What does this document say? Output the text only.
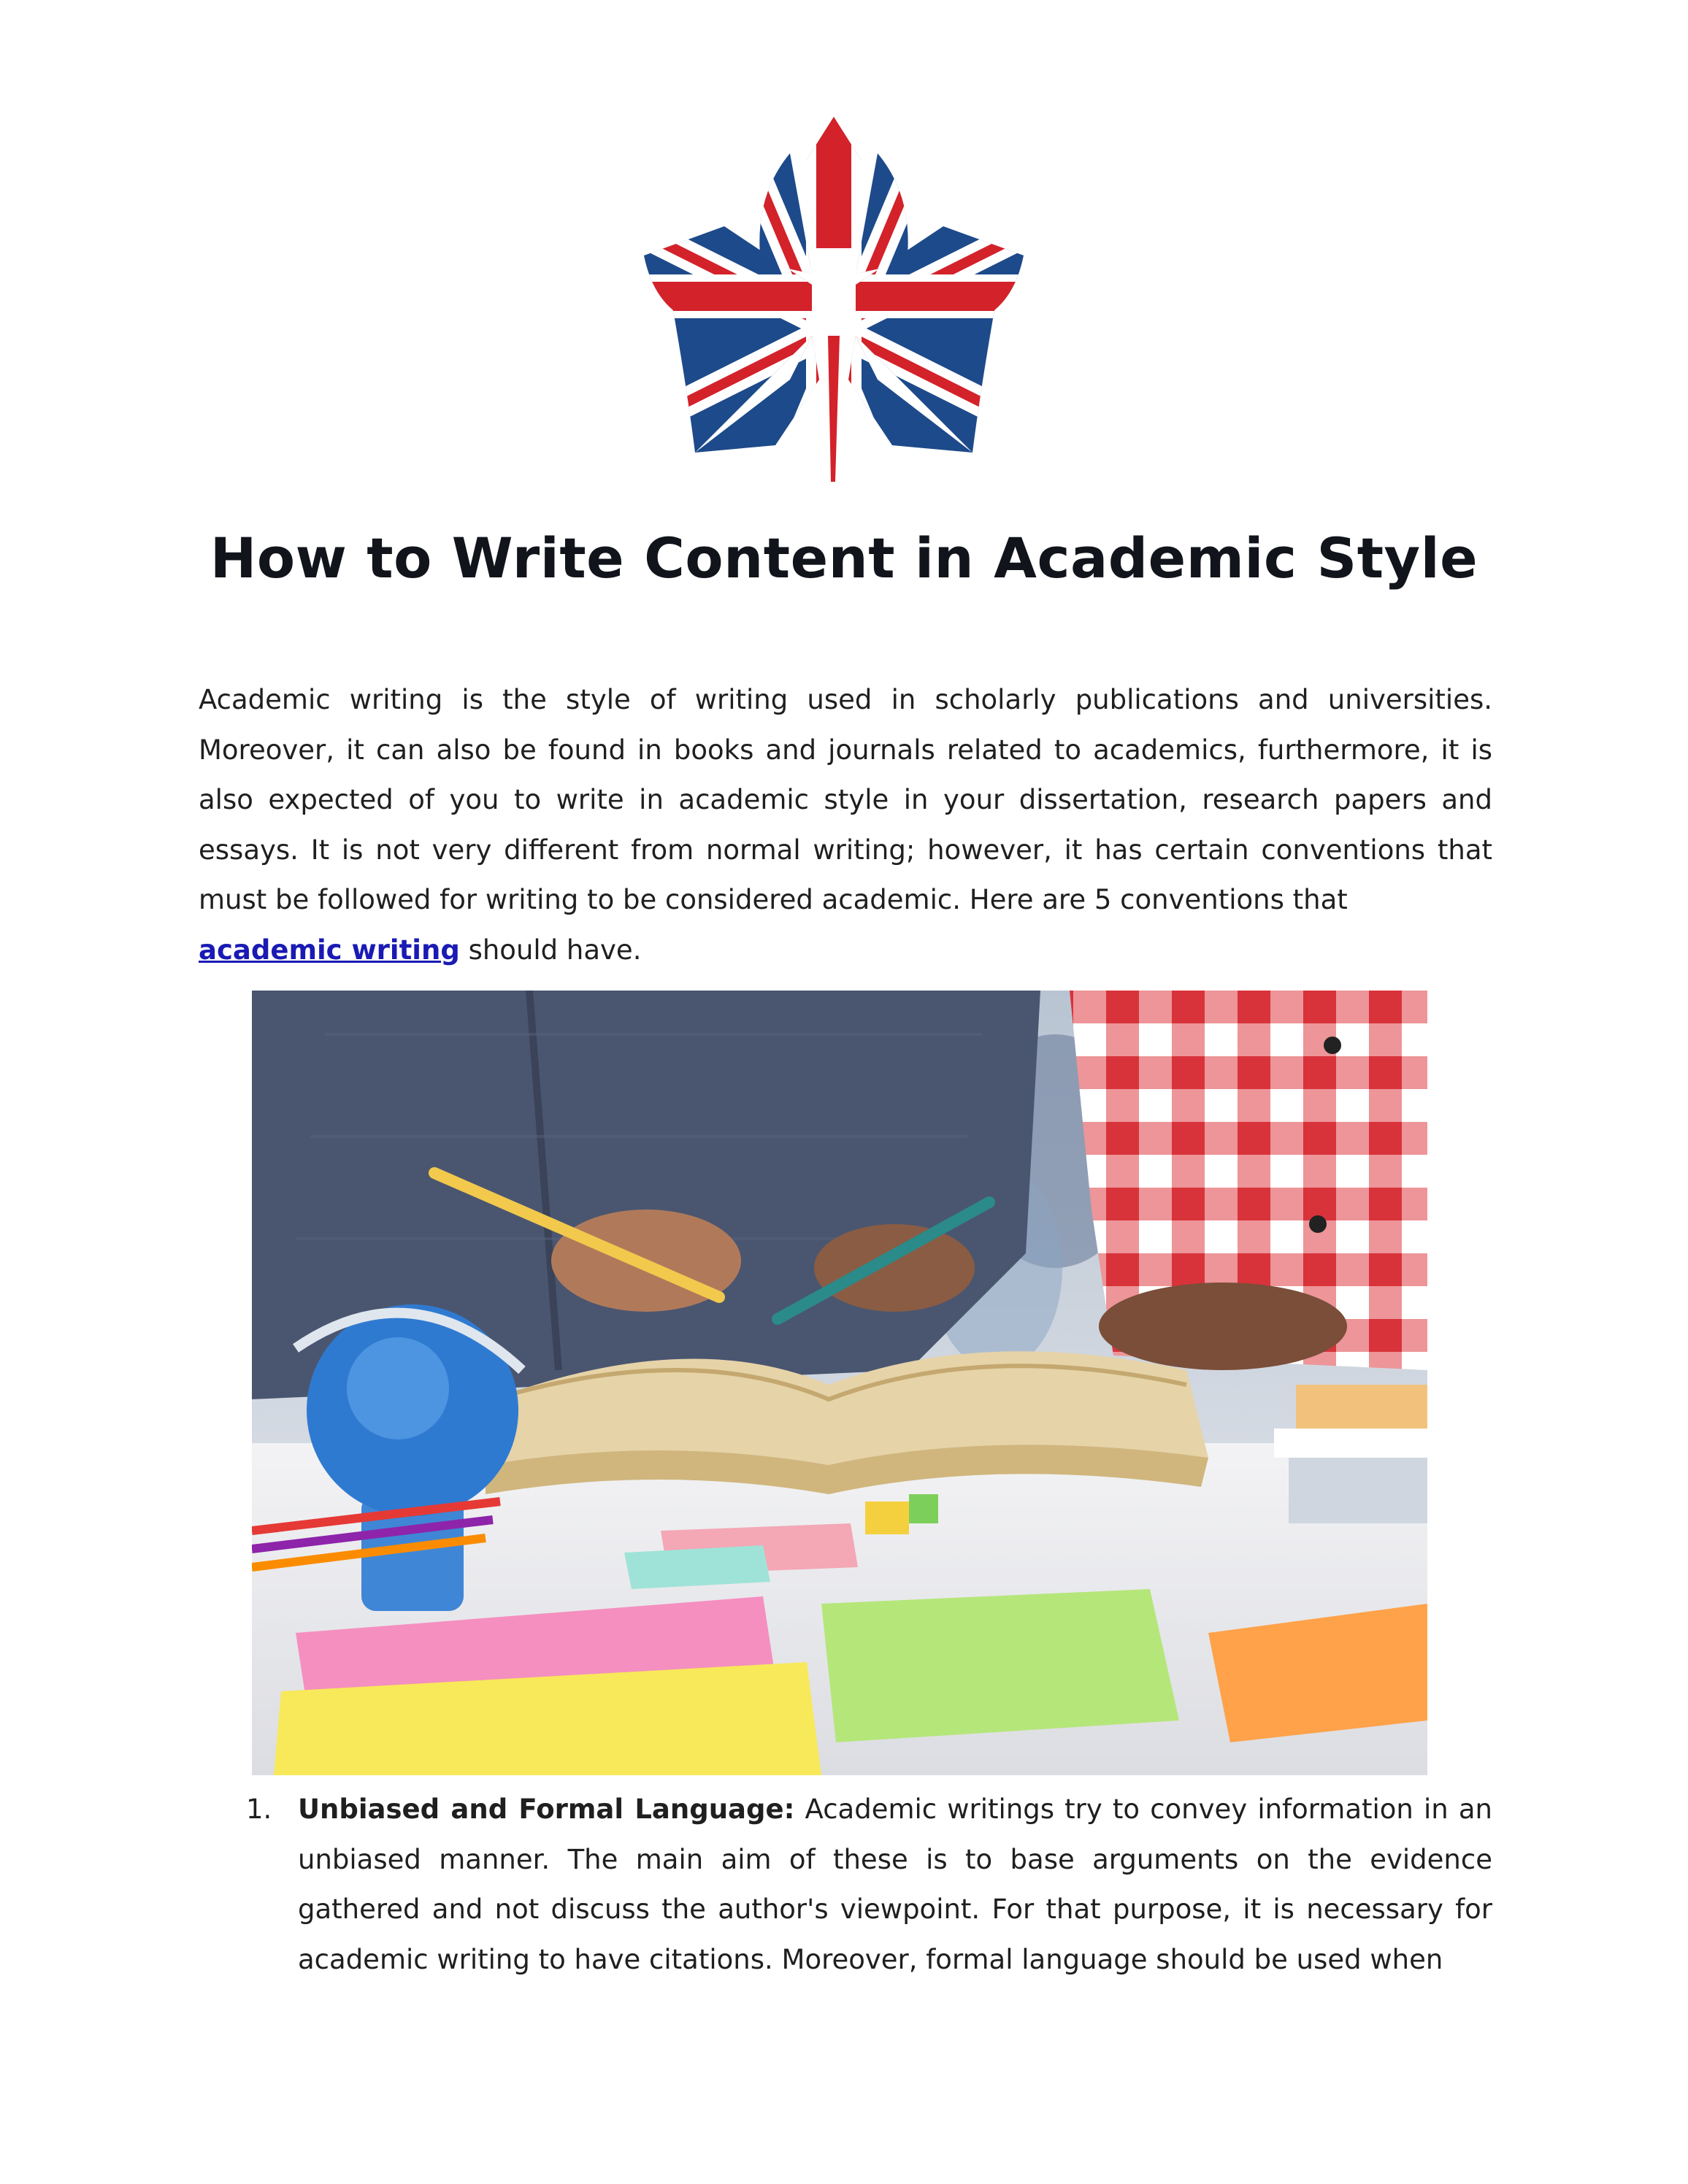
How to Write Content in Academic Style

Academic writing is the style of writing used in scholarly publications and universities. Moreover, it can also be found in books and journals related to academics, furthermore, it is also expected of you to write in academic style in your dissertation, research papers and essays. It is not very different from normal writing; however, it has certain conventions that must be followed for writing to be considered academic. Here are 5 conventions that
academic writing should have.

1. Unbiased and Formal Language: Academic writings try to convey information in an unbiased manner. The main aim of these is to base arguments on the evidence gathered and not discuss the author's viewpoint. For that purpose, it is necessary for academic writing to have citations. Moreover, formal language should be used when
